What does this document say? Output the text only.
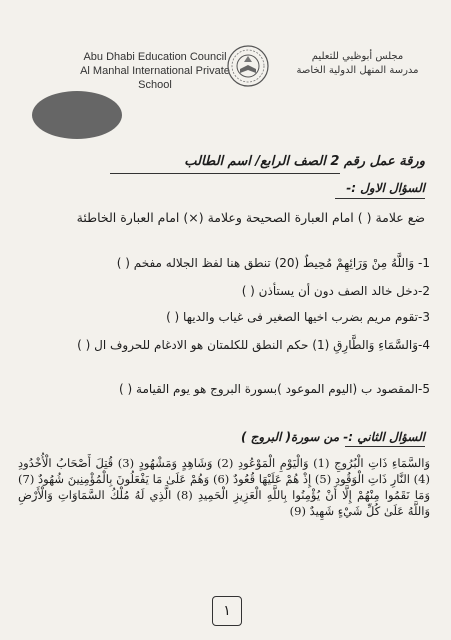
Abu Dhabi Education Council
Al Manhal International Private School
مجلس أبوظبي للتعليم
مدرسة المنهل الدولية الخاصة
ورقة عمل رقم 2 الصف الرابع/ اسم الطالب
السؤال الاول :-
ضع علامة ( ) امام العبارة الصحيحة وعلامة (×) امام العبارة الخاطئة
1- وَاللَّهُ مِنْ وَرَائِهِمْ مُحِيطٌ (20) تنطق هنا لفظ الجلاله مفخم ( )
2-دخل خالد الصف دون أن يستأذن ( )
3-تقوم مريم بضرب اخيها الصغير فى غياب والديها ( )
4-وَالسَّمَاءِ وَالطَّارِقِ (1) حكم النطق للكلمتان هو الادغام للحروف ال ( )
5-المقصود ب (اليوم الموعود )بسورة البروج هو يوم القيامة ( )
السؤال الثاني :- من سورة( البروج )
وَالسَّمَاءِ ذَاتِ الْبُرُوجِ (1) وَالْيَوْمِ الْمَوْعُودِ (2) وَشَاهِدٍ وَمَشْهُودٍ (3) قُتِلَ أَصْحَابُ الْأُخْدُودِ (4) النَّارِ ذَاتِ الْوَقُودِ (5) إِذْ هُمْ عَلَيْهَا قُعُودٌ (6) وَهُمْ عَلَىٰ مَا يَفْعَلُونَ بِالْمُؤْمِنِينَ شُهُودٌ (7) وَمَا نَقَمُوا مِنْهُمْ إِلَّا أَنْ يُؤْمِنُوا بِاللَّهِ الْعَزِيزِ الْحَمِيدِ (8) الَّذِي لَهُ مُلْكُ السَّمَاوَاتِ وَالْأَرْضِ وَاللَّهُ عَلَىٰ كُلِّ شَيْءٍ شَهِيدٌ (9)
١
